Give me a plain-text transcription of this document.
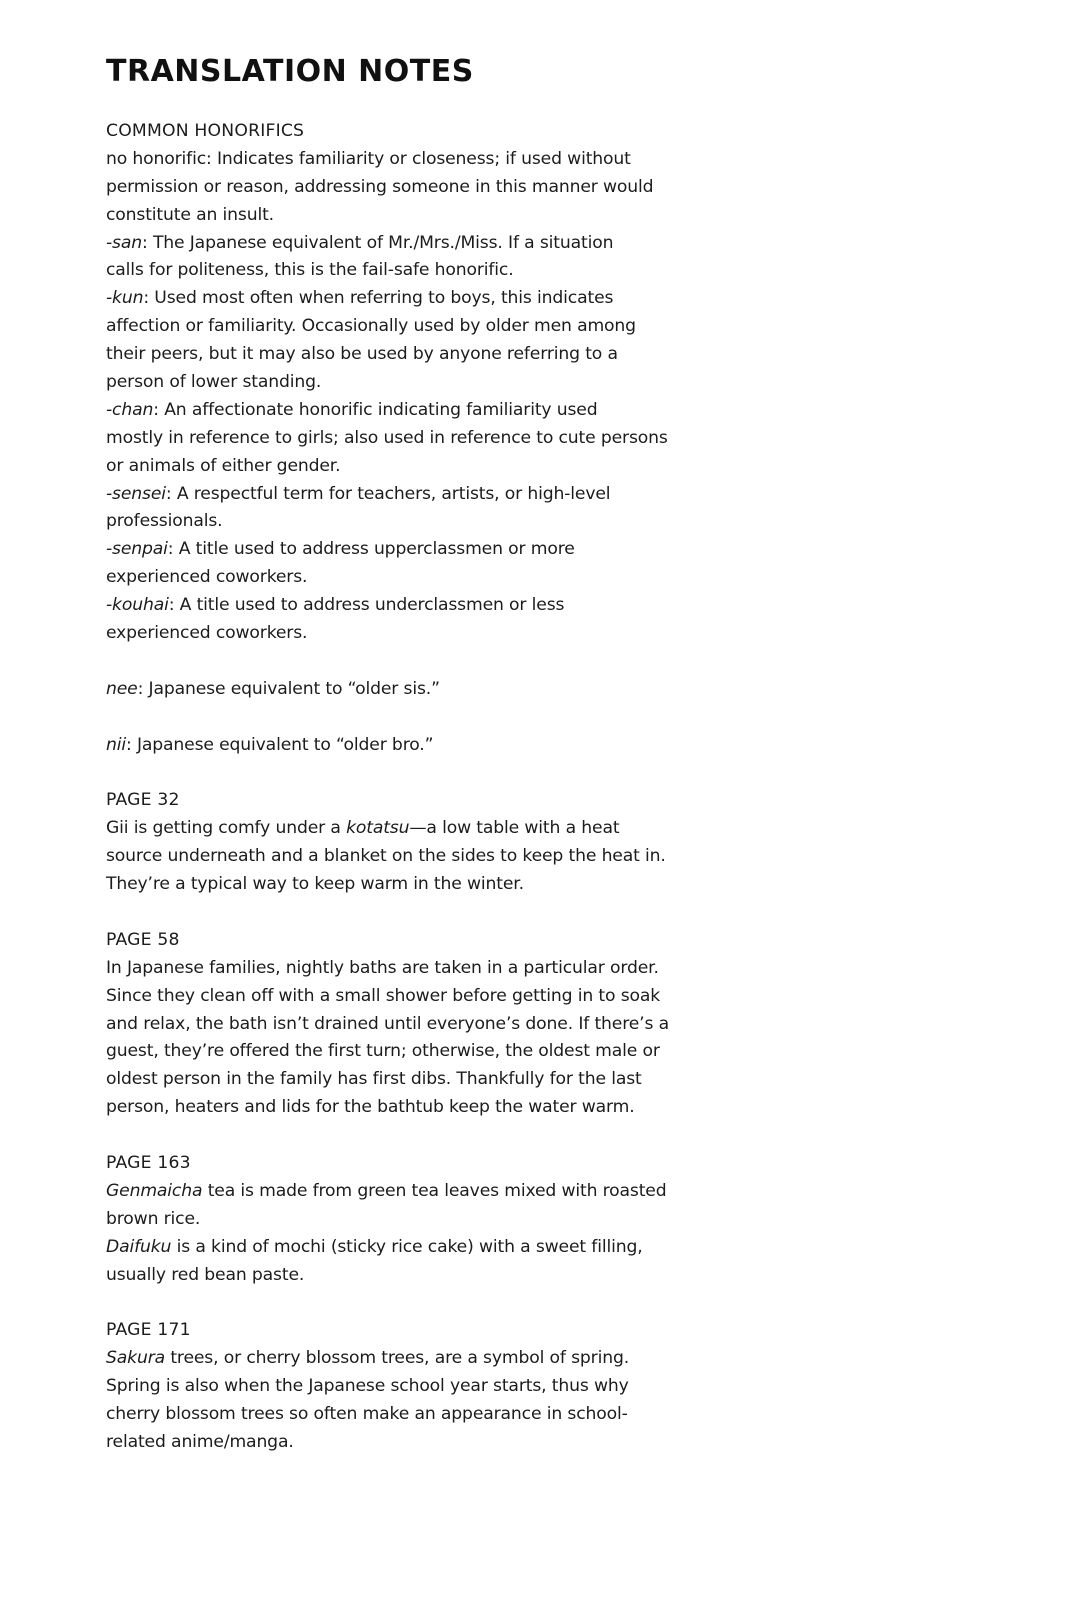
TRANSLATION NOTES
COMMON HONORIFICS
no honorific: Indicates familiarity or closeness; if used without
permission or reason, addressing someone in this manner would
constitute an insult.
-san: The Japanese equivalent of Mr./Mrs./Miss. If a situation
calls for politeness, this is the fail-safe honorific.
-kun: Used most often when referring to boys, this indicates
affection or familiarity. Occasionally used by older men among
their peers, but it may also be used by anyone referring to a
person of lower standing.
-chan: An affectionate honorific indicating familiarity used
mostly in reference to girls; also used in reference to cute persons
or animals of either gender.
-sensei: A respectful term for teachers, artists, or high-level
professionals.
-senpai: A title used to address upperclassmen or more
experienced coworkers.
-kouhai: A title used to address underclassmen or less
experienced coworkers.
nee: Japanese equivalent to “older sis.”
nii: Japanese equivalent to “older bro.”
PAGE 32
Gii is getting comfy under a kotatsu—a low table with a heat
source underneath and a blanket on the sides to keep the heat in.
They’re a typical way to keep warm in the winter.
PAGE 58
In Japanese families, nightly baths are taken in a particular order.
Since they clean off with a small shower before getting in to soak
and relax, the bath isn’t drained until everyone’s done. If there’s a
guest, they’re offered the first turn; otherwise, the oldest male or
oldest person in the family has first dibs. Thankfully for the last
person, heaters and lids for the bathtub keep the water warm.
PAGE 163
Genmaicha tea is made from green tea leaves mixed with roasted
brown rice.
Daifuku is a kind of mochi (sticky rice cake) with a sweet filling,
usually red bean paste.
PAGE 171
Sakura trees, or cherry blossom trees, are a symbol of spring.
Spring is also when the Japanese school year starts, thus why
cherry blossom trees so often make an appearance in school-
related anime/manga.
